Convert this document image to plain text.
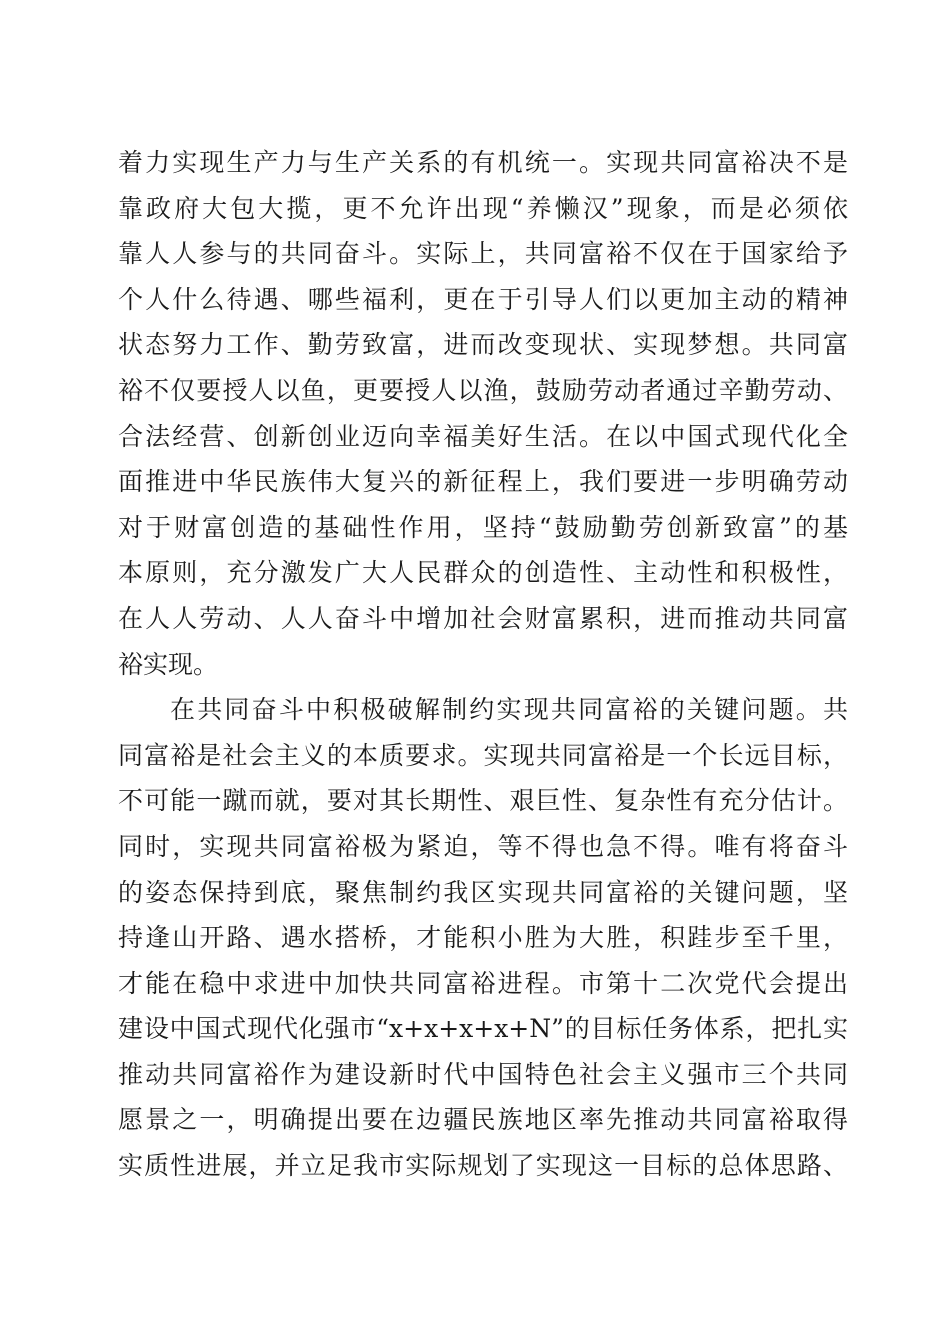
着力实现生产力与生产关系的有机统一。实现共同富裕决不是
靠政府大包大揽，更不允许出现“养懒汉”现象，而是必须依
靠人人参与的共同奋斗。实际上，共同富裕不仅在于国家给予
个人什么待遇、哪些福利，更在于引导人们以更加主动的精神
状态努力工作、勤劳致富，进而改变现状、实现梦想。共同富
裕不仅要授人以鱼，更要授人以渔，鼓励劳动者通过辛勤劳动、
合法经营、创新创业迈向幸福美好生活。在以中国式现代化全
面推进中华民族伟大复兴的新征程上，我们要进一步明确劳动
对于财富创造的基础性作用，坚持“鼓励勤劳创新致富”的基
本原则，充分激发广大人民群众的创造性、主动性和积极性，
在人人劳动、人人奋斗中增加社会财富累积，进而推动共同富
裕实现。
在共同奋斗中积极破解制约实现共同富裕的关键问题。共
同富裕是社会主义的本质要求。实现共同富裕是一个长远目标，
不可能一蹴而就，要对其长期性、艰巨性、复杂性有充分估计。
同时，实现共同富裕极为紧迫，等不得也急不得。唯有将奋斗
的姿态保持到底，聚焦制约我区实现共同富裕的关键问题，坚
持逢山开路、遇水搭桥，才能积小胜为大胜，积跬步至千里，
才能在稳中求进中加快共同富裕进程。市第十二次党代会提出
建设中国式现代化强市“x+x+x+x+N”的目标任务体系，把扎实
推动共同富裕作为建设新时代中国特色社会主义强市三个共同
愿景之一，明确提出要在边疆民族地区率先推动共同富裕取得
实质性进展，并立足我市实际规划了实现这一目标的总体思路、
